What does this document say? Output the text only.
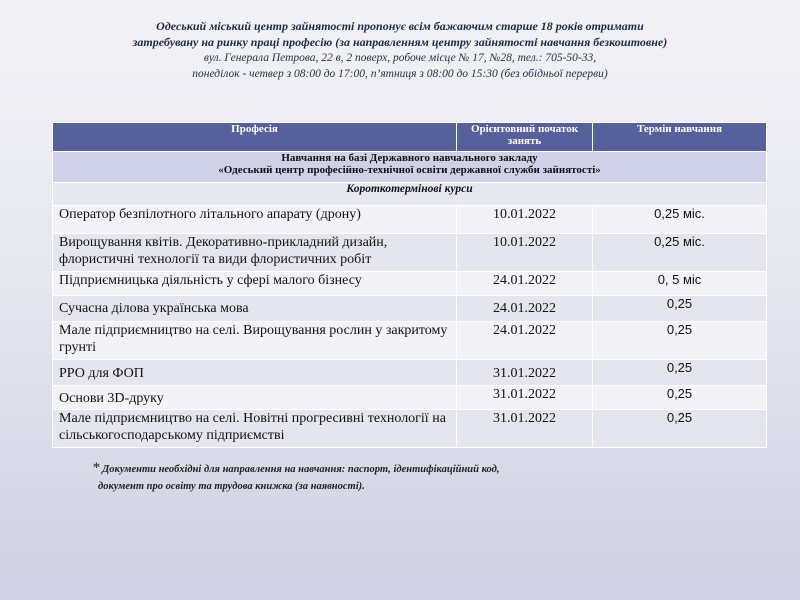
Одеський міський центр зайнятості пропонує всім бажаючим старше 18 років отримати

затребувану на ринку праці професію (за направленням центру зайнятості навчання безкоштовне)

вул. Генерала Петрова, 22 в, 2 поверх, робоче місце № 17, №28, тел.: 705-50-33,

понеділок - четвер з 08:00 до 17:00, п’ятниця з 08:00 до 15:30 (без обідньої перерви)

Професія	Орієнтовний початок занять	Термін навчання

Навчання на базі Державного навчального закладу
«Одеський центр професійно-технічної освіти державної служби зайнятості»		

Короткотермінові курси		
Оператор безпілотного літального апарату (дрону)	10.01.2022	0,25 міс.
Вирощування квітів. Декоративно-прикладний дизайн, флористичні технології та види флористичних робіт	10.01.2022	0,25 міс.
Підприємницька діяльність у сфері малого бізнесу	24.01.2022	0, 5 міс
Сучасна ділова українська мова	24.01.2022	0,25
Мале підприємництво на селі. Вирощування рослин у закритому грунті	24.01.2022	0,25
РРО для ФОП	31.01.2022	0,25
Основи 3D-друку	31.01.2022	0,25
Мале підприємництво на селі. Новітні прогресивні технології на сільськогосподарському підприємстві	31.01.2022	0,25
* Документи необхідні для направлення на навчання: паспорт, ідентифікаційний код,
документ про освіту та трудова книжка (за наявності).
